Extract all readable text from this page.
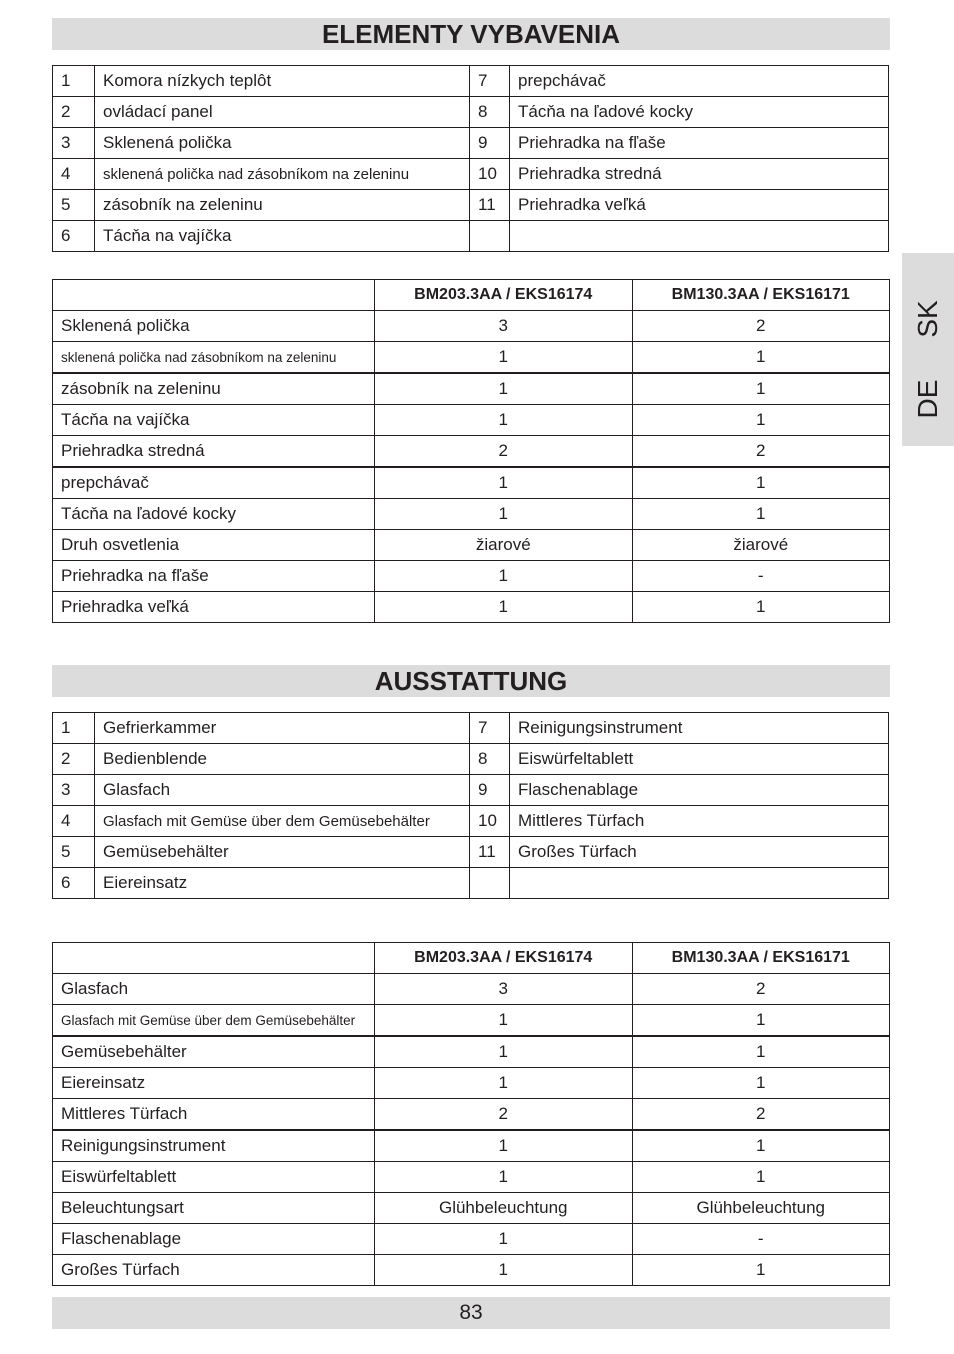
ELEMENTY VYBAVENIA
1	Komora nízkych teplôt	7	prepchávač
2	ovládací panel	8	Tácňa na ľadové kocky
3	Sklenená polička	9	Priehradka na fľaše
4	sklenená polička nad zásobníkom na zeleninu	10	Priehradka stredná
5	zásobník na zeleninu	11	Priehradka veľká
6	Tácňa na vajíčka		
	BM203.3AA / EKS16174	BM130.3AA / EKS16171
Sklenená polička	3	2
sklenená polička nad zásobníkom na zeleninu	1	1
zásobník na zeleninu	1	1
Tácňa na vajíčka	1	1
Priehradka stredná	2	2
prepchávač	1	1
Tácňa na ľadové kocky	1	1
Druh osvetlenia	žiarové	žiarové
Priehradka na fľaše	1	-
Priehradka veľká	1	1
SK
DE
AUSSTATTUNG
1	Gefrierkammer	7	Reinigungsinstrument
2	Bedienblende	8	Eiswürfeltablett
3	Glasfach	9	Flaschenablage
4	Glasfach mit Gemüse über dem Gemüsebehälter	10	Mittleres Türfach
5	Gemüsebehälter	11	Großes Türfach
6	Eiereinsatz		
	BM203.3AA / EKS16174	BM130.3AA / EKS16171
Glasfach	3	2
Glasfach mit Gemüse über dem Gemüsebehälter	1	1
Gemüsebehälter	1	1
Eiereinsatz	1	1
Mittleres Türfach	2	2
Reinigungsinstrument	1	1
Eiswürfeltablett	1	1
Beleuchtungsart	Glühbeleuchtung	Glühbeleuchtung
Flaschenablage	1	-
Großes Türfach	1	1
83
